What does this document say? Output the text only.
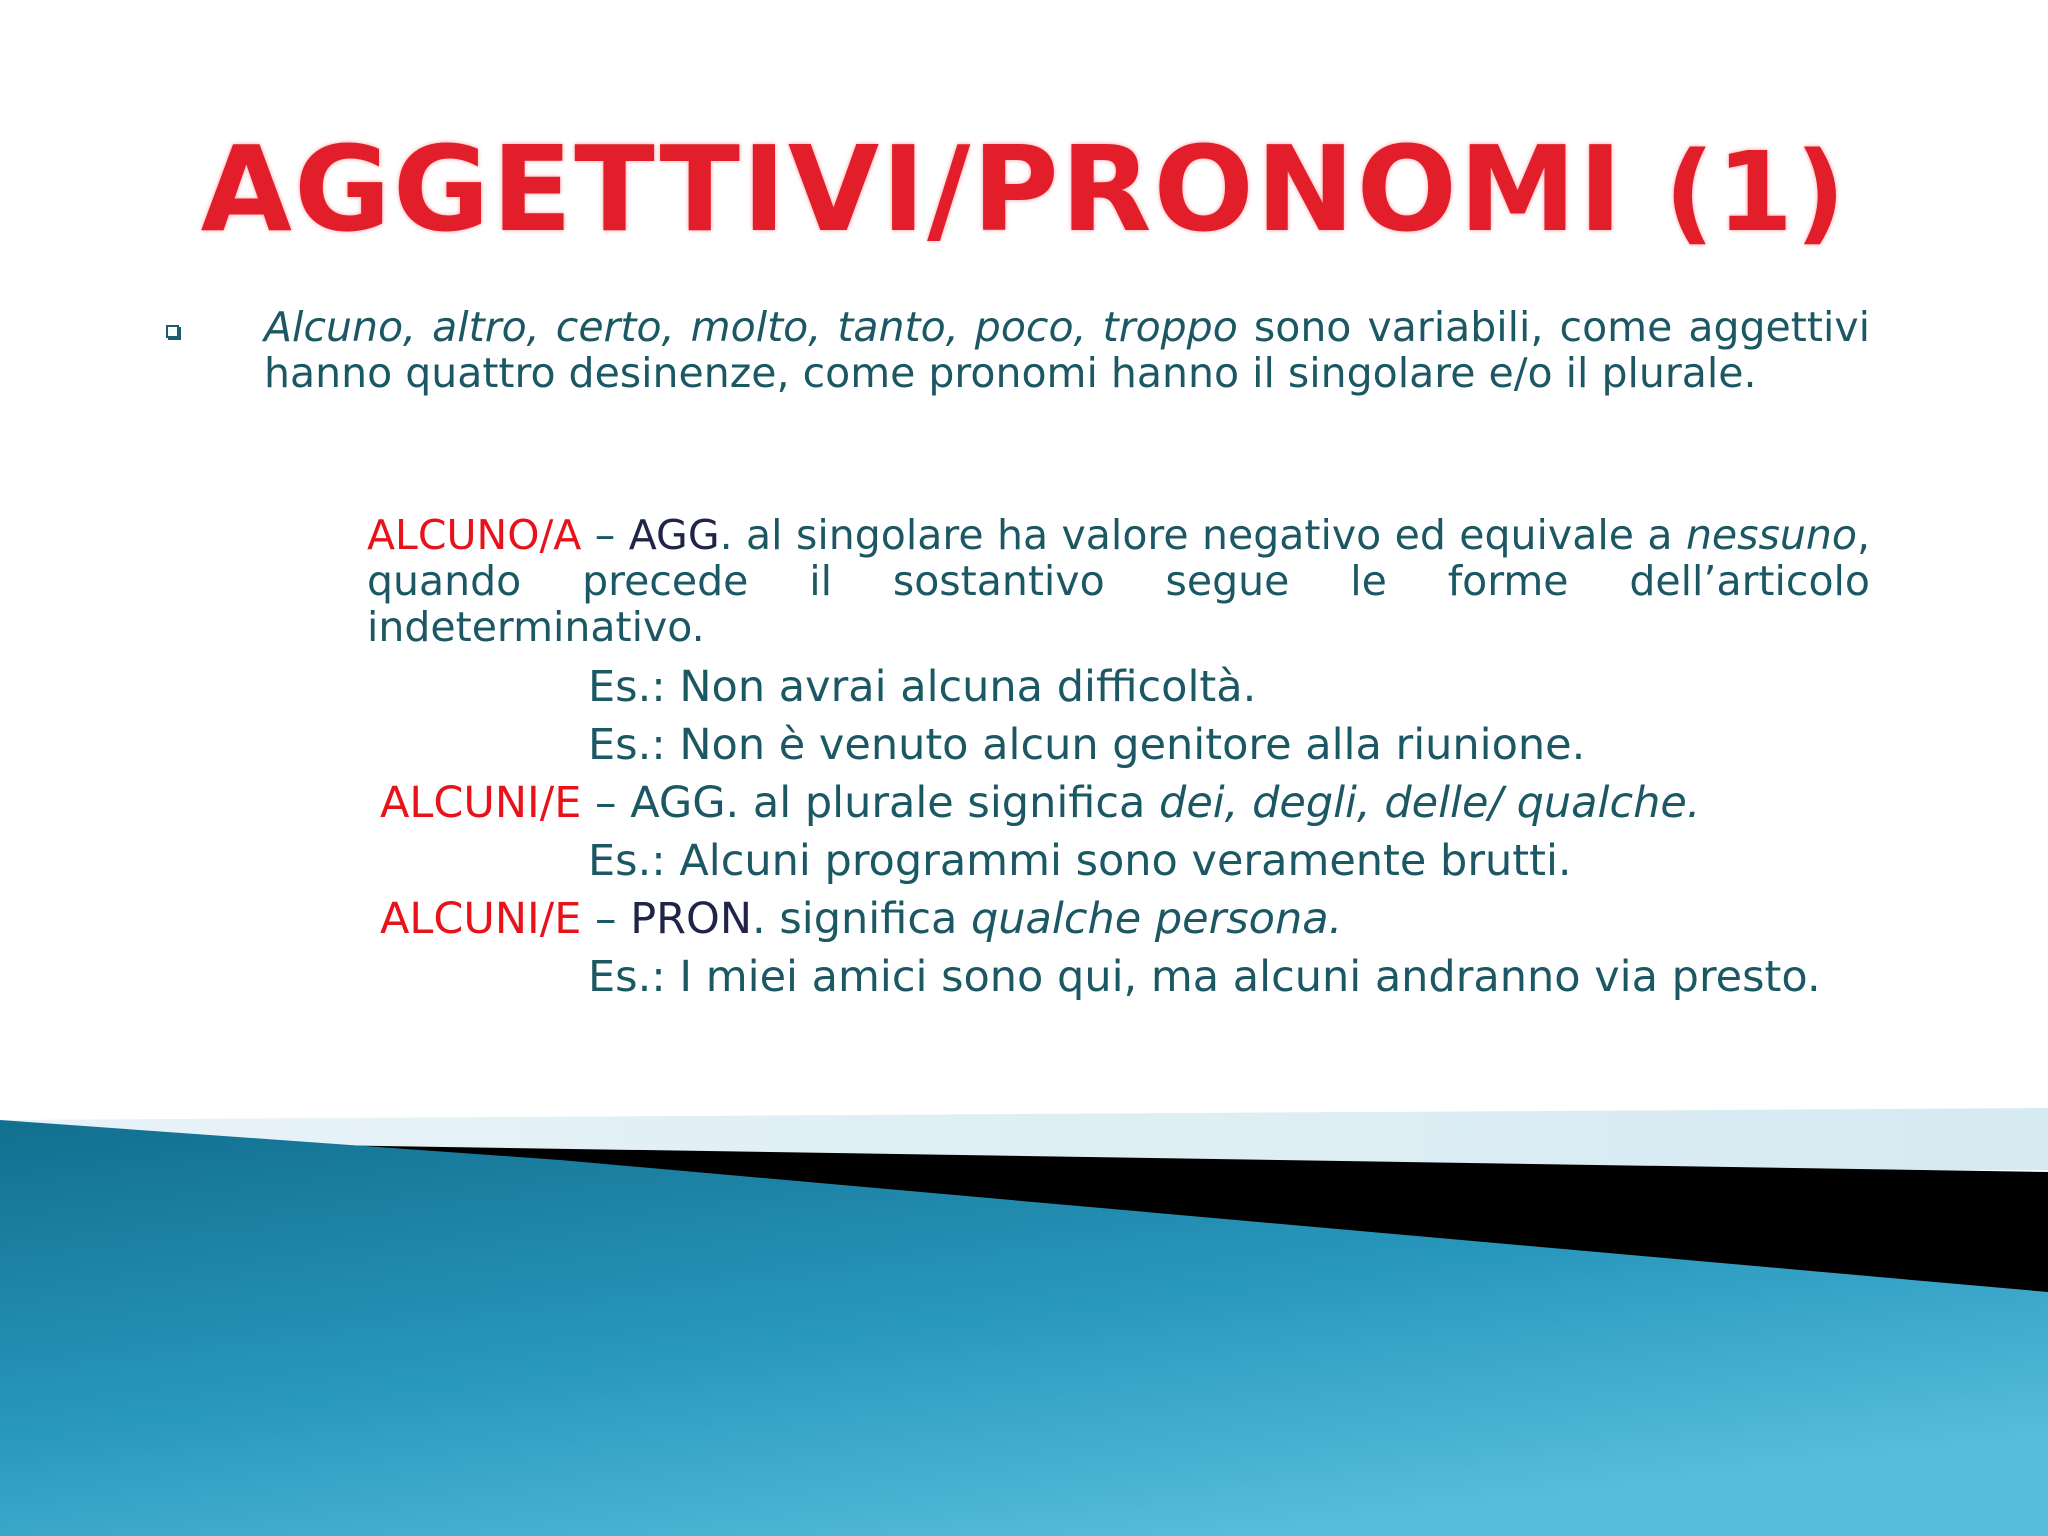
AGGETTIVI/PRONOMI (1)
Alcuno, altro, certo, molto, tanto, poco, troppo sono variabili, come aggettivi hanno quattro desinenze, come pronomi hanno il singolare e/o il plurale.
ALCUNO/A – AGG. al singolare ha valore negativo ed equivale a nessuno, quando precede il sostantivo segue le forme dell’articolo indeterminativo.
Es.: Non avrai alcuna difficoltà.
Es.: Non è venuto alcun genitore alla riunione.
ALCUNI/E – AGG. al plurale significa dei, degli, delle/ qualche.
Es.: Alcuni programmi sono veramente brutti.
ALCUNI/E – PRON. significa qualche persona.
Es.: I miei amici sono qui, ma alcuni andranno via presto.
